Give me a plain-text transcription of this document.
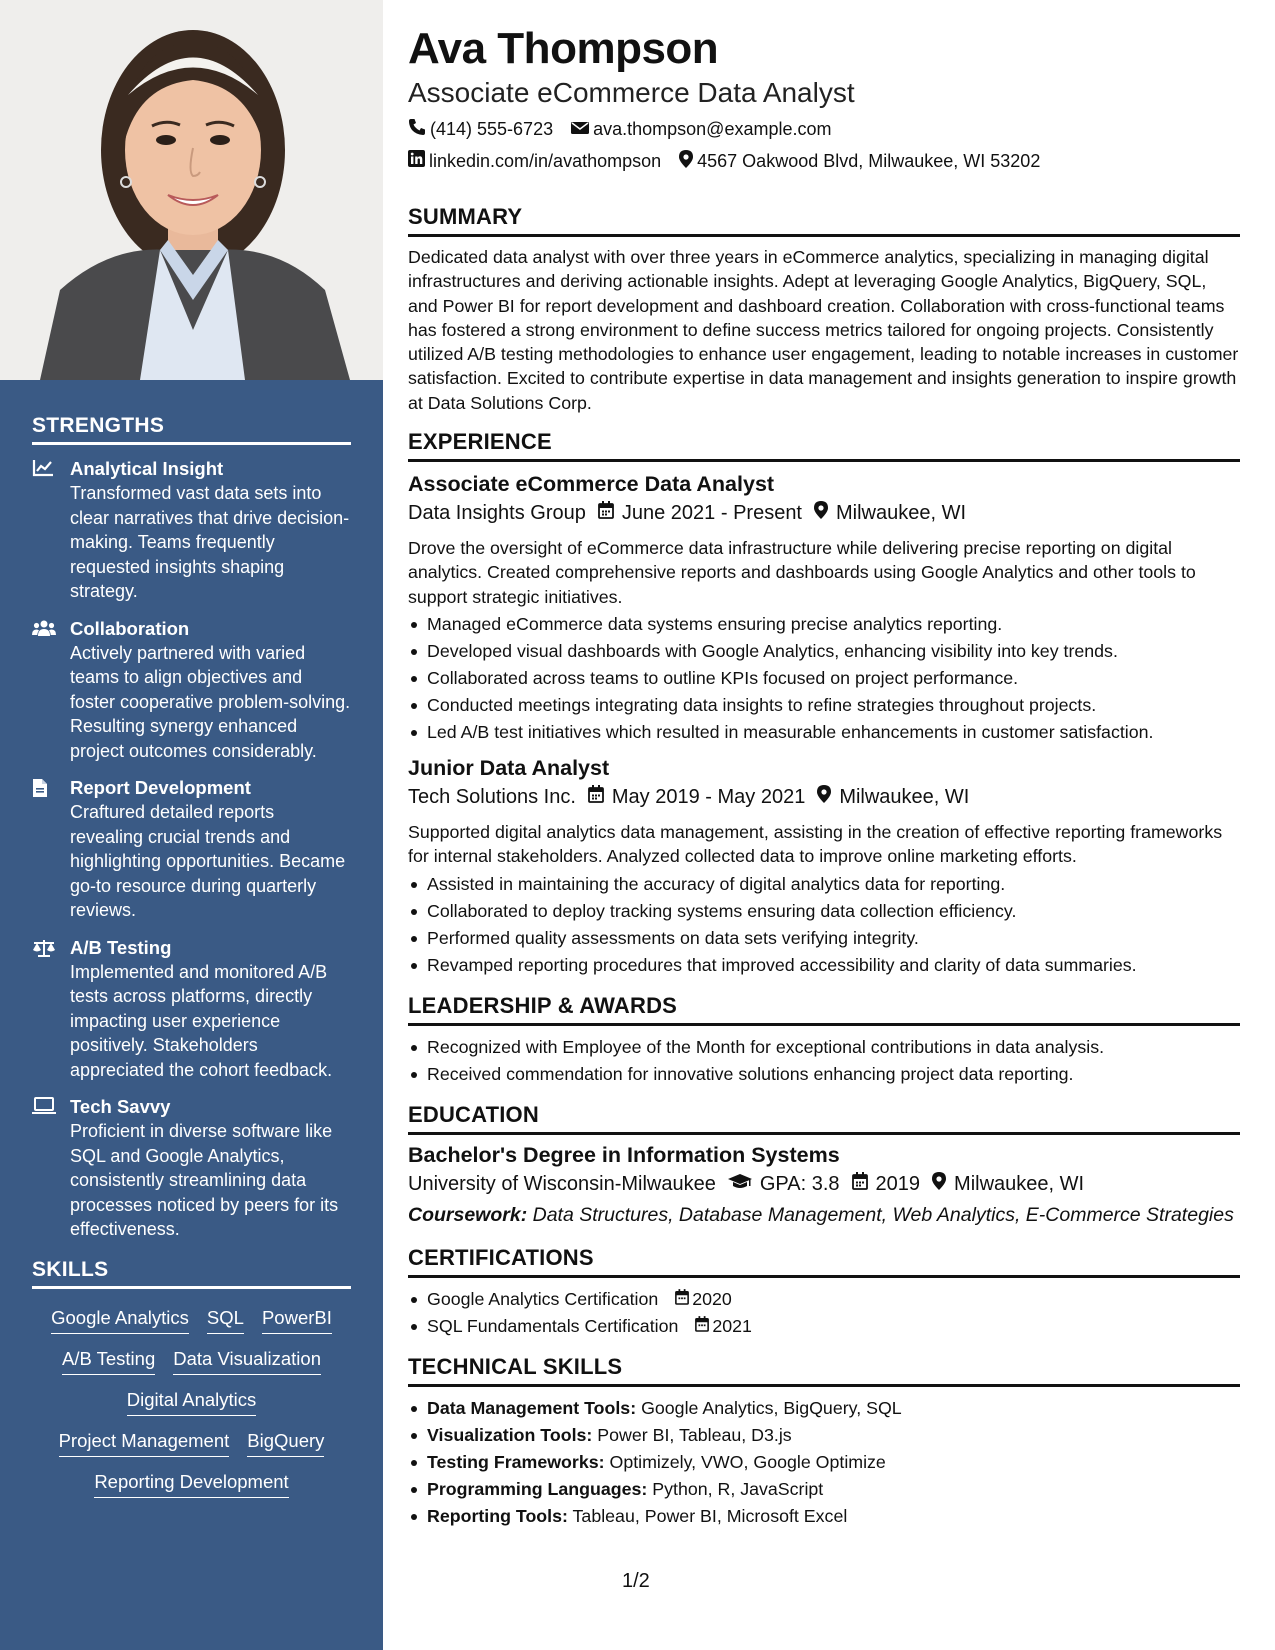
STRENGTHS
Analytical Insight
Transformed vast data sets into clear narratives that drive decision-making. Teams frequently requested insights shaping strategy.
Collaboration
Actively partnered with varied teams to align objectives and foster cooperative problem-solving. Resulting synergy enhanced project outcomes considerably.
Report Development
Craftured detailed reports revealing crucial trends and highlighting opportunities. Became go-to resource during quarterly reviews.
A/B Testing
Implemented and monitored A/B tests across platforms, directly impacting user experience positively. Stakeholders appreciated the cohort feedback.
Tech Savvy
Proficient in diverse software like SQL and Google Analytics, consistently streamlining data processes noticed by peers for its effectiveness.
SKILLS
Google Analytics SQL PowerBI
A/B Testing Data Visualization
Digital Analytics
Project Management BigQuery
Reporting Development
Ava Thompson
Associate eCommerce Data Analyst
(414) 555-6723 ava.thompson@example.com
linkedin.com/in/avathompson 4567 Oakwood Blvd, Milwaukee, WI 53202
SUMMARY
Dedicated data analyst with over three years in eCommerce analytics, specializing in managing digital infrastructures and deriving actionable insights. Adept at leveraging Google Analytics, BigQuery, SQL, and Power BI for report development and dashboard creation. Collaboration with cross-functional teams has fostered a strong environment to define success metrics tailored for ongoing projects. Consistently utilized A/B testing methodologies to enhance user engagement, leading to notable increases in customer satisfaction. Excited to contribute expertise in data management and insights generation to inspire growth at Data Solutions Corp.
EXPERIENCE
Associate eCommerce Data Analyst
Data Insights Group June 2021 - Present Milwaukee, WI
Drove the oversight of eCommerce data infrastructure while delivering precise reporting on digital analytics. Created comprehensive reports and dashboards using Google Analytics and other tools to support strategic initiatives.
Managed eCommerce data systems ensuring precise analytics reporting.
Developed visual dashboards with Google Analytics, enhancing visibility into key trends.
Collaborated across teams to outline KPIs focused on project performance.
Conducted meetings integrating data insights to refine strategies throughout projects.
Led A/B test initiatives which resulted in measurable enhancements in customer satisfaction.
Junior Data Analyst
Tech Solutions Inc. May 2019 - May 2021 Milwaukee, WI
Supported digital analytics data management, assisting in the creation of effective reporting frameworks for internal stakeholders. Analyzed collected data to improve online marketing efforts.
Assisted in maintaining the accuracy of digital analytics data for reporting.
Collaborated to deploy tracking systems ensuring data collection efficiency.
Performed quality assessments on data sets verifying integrity.
Revamped reporting procedures that improved accessibility and clarity of data summaries.
LEADERSHIP & AWARDS
Recognized with Employee of the Month for exceptional contributions in data analysis.
Received commendation for innovative solutions enhancing project data reporting.
EDUCATION
Bachelor's Degree in Information Systems
University of Wisconsin-Milwaukee GPA: 3.8 2019 Milwaukee, WI
Coursework: Data Structures, Database Management, Web Analytics, E-Commerce Strategies
CERTIFICATIONS
Google Analytics Certification 2020
SQL Fundamentals Certification 2021
TECHNICAL SKILLS
Data Management Tools: Google Analytics, BigQuery, SQL
Visualization Tools: Power BI, Tableau, D3.js
Testing Frameworks: Optimizely, VWO, Google Optimize
Programming Languages: Python, R, JavaScript
Reporting Tools: Tableau, Power BI, Microsoft Excel
1/2
